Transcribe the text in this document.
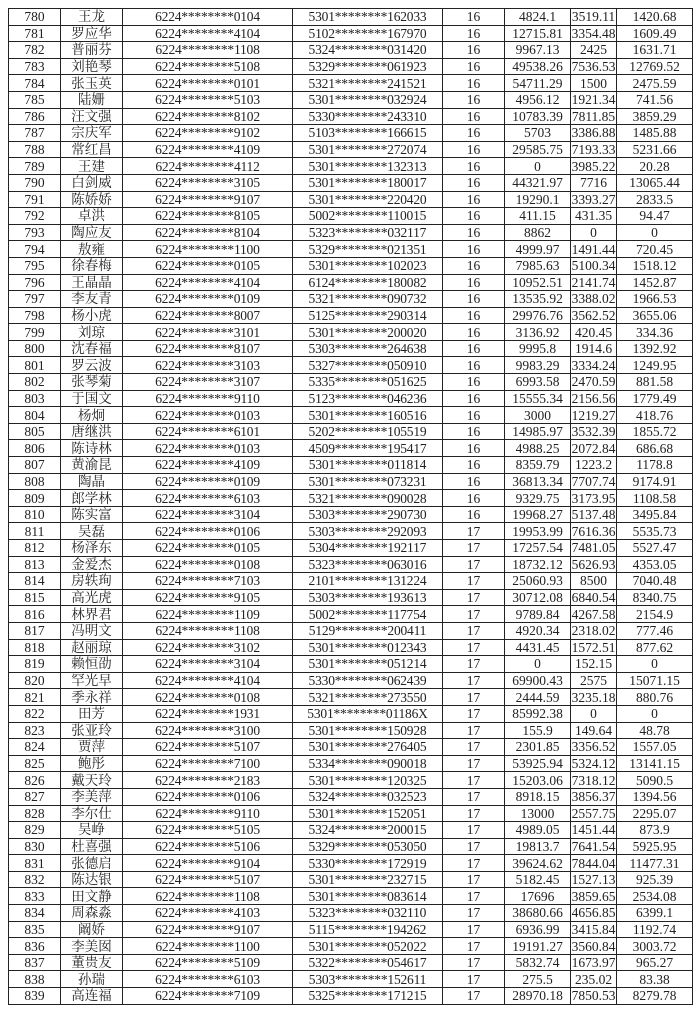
780	王龙	6224********0104	5301********162033	16	4824.1	3519.11	1420.68
781	罗应华	6224********4104	5102********167970	16	12715.81	3354.48	1609.49
782	普丽芬	6224********1108	5324********031420	16	9967.13	2425	1631.71
783	刘艳琴	6224********5108	5329********061923	16	49538.26	7536.53	12769.52
784	张玉英	6224********0101	5321********241521	16	54711.29	1500	2475.59
785	陆姗	6224********5103	5301********032924	16	4956.12	1921.34	741.56
786	汪文强	6224********8102	5330********243310	16	10783.39	7811.85	3859.29
787	宗庆军	6224********9102	5103********166615	16	5703	3386.88	1485.88
788	常红昌	6224********4109	5301********272074	16	29585.75	7193.33	5231.66
789	王建	6224********4112	5301********132313	16	0	3985.22	20.28
790	白剑威	6224********3105	5301********180017	16	44321.97	7716	13065.44
791	陈娇娇	6224********9107	5301********220420	16	19290.1	3393.27	2833.5
792	卓洪	6224********8105	5002********110015	16	411.15	431.35	94.47
793	陶应友	6224********8104	5323********032117	16	8862	0	0
794	敖雍	6224********1100	5329********021351	16	4999.97	1491.44	720.45
795	徐春梅	6224********0105	5301********102023	16	7985.63	5100.34	1518.12
796	王晶晶	6224********4104	6124********180082	16	10952.51	2141.74	1452.87
797	李友青	6224********0109	5321********090732	16	13535.92	3388.02	1966.53
798	杨小虎	6224********8007	5125********290314	16	29976.76	3562.52	3655.06
799	刘琼	6224********3101	5301********200020	16	3136.92	420.45	334.36
800	沈春福	6224********8107	5303********264638	16	9995.8	1914.6	1392.92
801	罗云波	6224********3103	5327********050910	16	9983.29	3334.24	1249.95
802	张琴菊	6224********3107	5335********051625	16	6993.58	2470.59	881.58
803	于国文	6224********9110	5123********046236	16	15555.34	2156.56	1779.49
804	杨炯	6224********0103	5301********160516	16	3000	1219.27	418.76
805	唐继洪	6224********6101	5202********105519	16	14985.97	3532.39	1855.72
806	陈诗林	6224********0103	4509********195417	16	4988.25	2072.84	686.68
807	黄渝昆	6224********4109	5301********011814	16	8359.79	1223.2	1178.8
808	陶晶	6224********0109	5301********073231	16	36813.34	7707.74	9174.91
809	郎学林	6224********6103	5321********090028	16	9329.75	3173.95	1108.58
810	陈实富	6224********3104	5303********290730	16	19968.27	5137.48	3495.84
811	吴磊	6224********0106	5303********292093	17	19953.99	7616.36	5535.73
812	杨泽东	6224********0105	5304********192117	17	17257.54	7481.05	5527.47
813	金爱杰	6224********0108	5323********063016	17	18732.12	5626.93	4353.05
814	房轶珣	6224********7103	2101********131224	17	25060.93	8500	7040.48
815	高光虎	6224********9105	5303********193613	17	30712.08	6840.54	8340.75
816	林界君	6224********1109	5002********117754	17	9789.84	4267.58	2154.9
817	冯明文	6224********1108	5129********200411	17	4920.34	2318.02	777.46
818	赵丽琼	6224********3102	5301********012343	17	4431.45	1572.51	877.62
819	赖恒劭	6224********3104	5301********051214	17	0	152.15	0
820	罕光早	6224********4104	5330********062439	17	69900.43	2575	15071.15
821	季永祥	6224********0108	5321********273550	17	2444.59	3235.18	880.76
822	田芳	6224********1931	5301********01186X	17	85992.38	0	0
823	张亚玲	6224********3100	5301********150928	17	155.9	149.64	48.78
824	贾萍	6224********5107	5301********276405	17	2301.85	3356.52	1557.05
825	鲍彤	6224********7100	5334********090018	17	53925.94	5324.12	13141.15
826	戴天玲	6224********2183	5301********120325	17	15203.06	7318.12	5090.5
827	李美萍	6224********0106	5324********032523	17	8918.15	3856.37	1394.56
828	李尔仕	6224********9110	5301********152051	17	13000	2557.75	2295.07
829	吴峥	6224********5105	5324********200015	17	4989.05	1451.44	873.9
830	杜喜强	6224********5106	5329********053050	17	19813.7	7641.54	5925.95
831	张德启	6224********9104	5330********172919	17	39624.62	7844.04	11477.31
832	陈达银	6224********5107	5301********232715	17	5182.45	1527.13	925.39
833	田文静	6224********1108	5301********083614	17	17696	3859.65	2534.08
834	周森淼	6224********4103	5323********032110	17	38680.66	4656.85	6399.1
835	阚娇	6224********9107	5115********194262	17	6936.99	3415.84	1192.74
836	李美囡	6224********1100	5301********052022	17	19191.27	3560.84	3003.72
837	董贵友	6224********5109	5322********054617	17	5832.74	1673.97	965.27
838	孙瑞	6224********6103	5303********152611	17	275.5	235.02	83.38
839	高连福	6224********7109	5325********171215	17	28970.18	7850.53	8279.78
